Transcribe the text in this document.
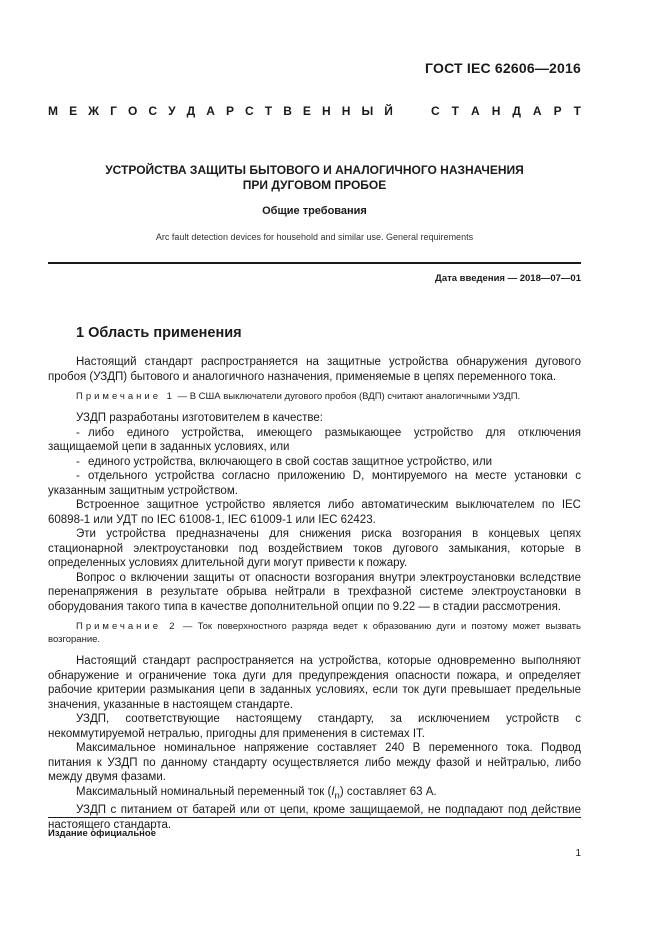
ГОСТ IEC 62606—2016
М Е Ж Г О С У Д А Р С Т В Е Н Н Ы Й	С Т А Н Д А Р Т
УСТРОЙСТВА ЗАЩИТЫ БЫТОВОГО И АНАЛОГИЧНОГО НАЗНАЧЕНИЯ
ПРИ ДУГОВОМ ПРОБОЕ
Общие требования
Arc fault detection devices for household and similar use. General requirements
Дата введения — 2018—07—01
1 Область применения

Настоящий стандарт распространяется на защитные устройства обнаружения дугового пробоя (УЗДП) бытового и аналогичного назначения, применяемые в цепях переменного тока.

Примечание 1 — В США выключатели дугового пробоя (ВДП) считают аналогичными УЗДП.

УЗДП разработаны изготовителем в качестве:

- либо единого устройства, имеющего размыкающее устройство для отключения защищаемой цепи в заданных условиях, или

- единого устройства, включающего в свой состав защитное устройство, или

- отдельного устройства согласно приложению D, монтируемого на месте установки с указанным защитным устройством.

Встроенное защитное устройство является либо автоматическим выключателем по IEC 60898-1 или УДТ по IEC 61008-1, IEC 61009-1 или IEC 62423.

Эти устройства предназначены для снижения риска возгорания в концевых цепях стационарной электроустановки под воздействием токов дугового замыкания, которые в определенных условиях длительной дуги могут привести к пожару.

Вопрос о включении защиты от опасности возгорания внутри электроустановки вследствие перенапряжения в результате обрыва нейтрали в трехфазной системе электроустановки в оборудования такого типа в качестве дополнительной опции по 9.22 — в стадии рассмотрения.

Примечание 2 — Ток поверхностного разряда ведет к образованию дуги и поэтому может вызвать возгорание.

Настоящий стандарт распространяется на устройства, которые одновременно выполняют обнаружение и ограничение тока дуги для предупреждения опасности пожара, и определяет рабочие критерии размыкания цепи в заданных условиях, если ток дуги превышает предельные значения, указанные в настоящем стандарте.

УЗДП, соответствующие настоящему стандарту, за исключением устройств с некоммутируемой нетралью, пригодны для применения в системах IT.

Максимальное номинальное напряжение составляет 240 В переменного тока. Подвод питания к УЗДП по данному стандарту осуществляется либо между фазой и нейтралью, либо между двумя фазами.

Максимальный номинальный переменный ток $(I_n)$ составляет 63 А.

УЗДП с питанием от батарей или от цепи, кроме защищаемой, не подпадают под действие настоящего стандарта.

Издание официальное
1
